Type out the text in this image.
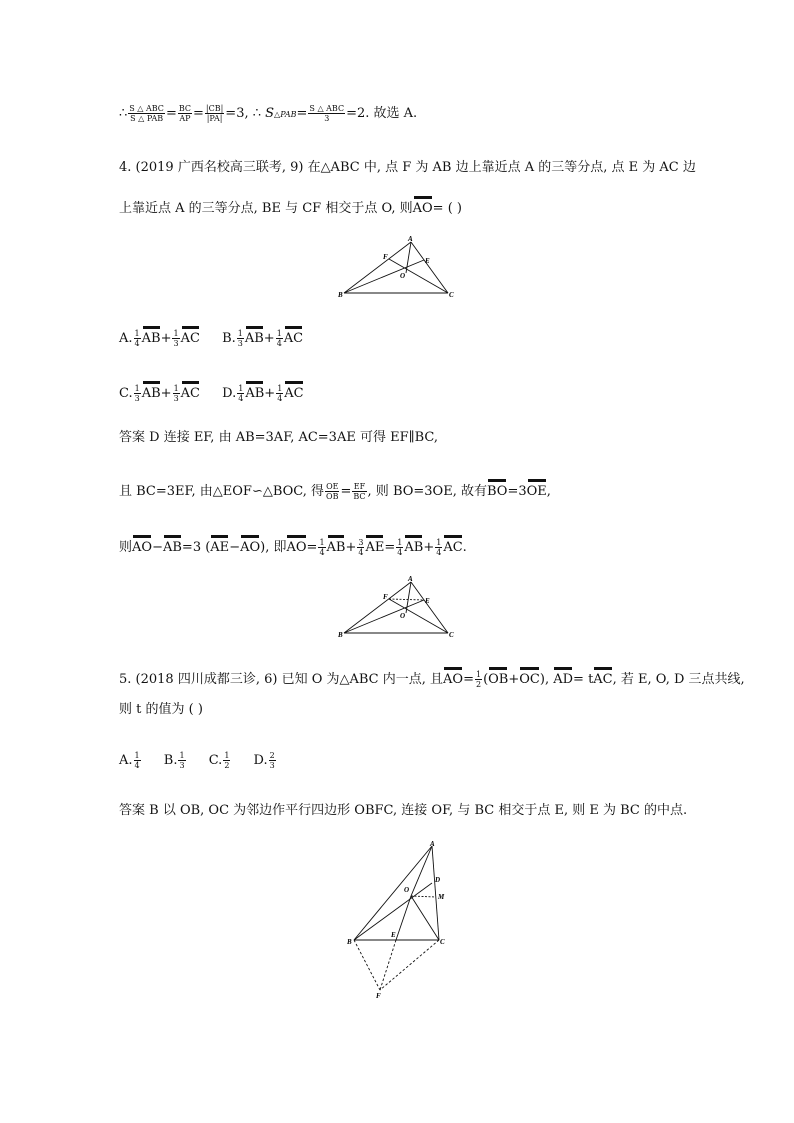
∴ $\frac{\text{S △ ABC}}{\text{S △ PAB}} = \frac{BC}{AP} = \frac{|CB|}{|PA|} =3$, ∴ S△PAB= $\frac{\text{S △ ABC}}{3} =2$. 故选 A.
4. (2019 广西名校高三联考, 9) 在△ABC 中, 点 F 为 AB 边上靠近点 A 的三等分点, 点 E 为 AC 边
上靠近点 A 的三等分点, BE 与 CF 相交于点 O, 则AO= ( )
A
F	E
O
B	C
A. $\frac{1}{4} AB+ \frac{1}{3}$ AC B. $\frac{1}{3} AB+ \frac{1}{4}$ AC
C. $\frac{1}{3} AB+ \frac{1}{3}$ AC D. $\frac{1}{4} AB+ \frac{1}{4}$ AC
答案 D 连接 EF, 由 AB=3AF, AC=3AE 可得 EF∥BC,
且 BC=3EF, 由△EOF∽△BOC, 得 $\frac{OE}{OB} = \frac{EF}{BC}$ , 则 BO=3OE, 故有BO=3OE,
则AO−AB=3 (AE−AO), 即$AO= \frac{1}{4} AB+ \frac{3}{4} AE= \frac{1}{4} AB+ \frac{1}{4}$ AC.
A
F	E
O
B	C
5. (2018 四川成都三诊, 6) 已知 O 为△ABC 内一点, 且$AO= \frac{1}{2} (OB+OC)$, AD= tAC, 若 E, O, D 三点共线,
则 t 的值为 ( )
A. $\frac{1}{4} B$. $\frac{1}{3} C$. $\frac{1}{2} D$. $\frac{2}{3}$
答案 B 以 OB, OC 为邻边作平行四边形 OBFC, 连接 OF, 与 BC 相交于点 E, 则 E 为 BC 的中点.
A
D
M
O
E
B	C
F
